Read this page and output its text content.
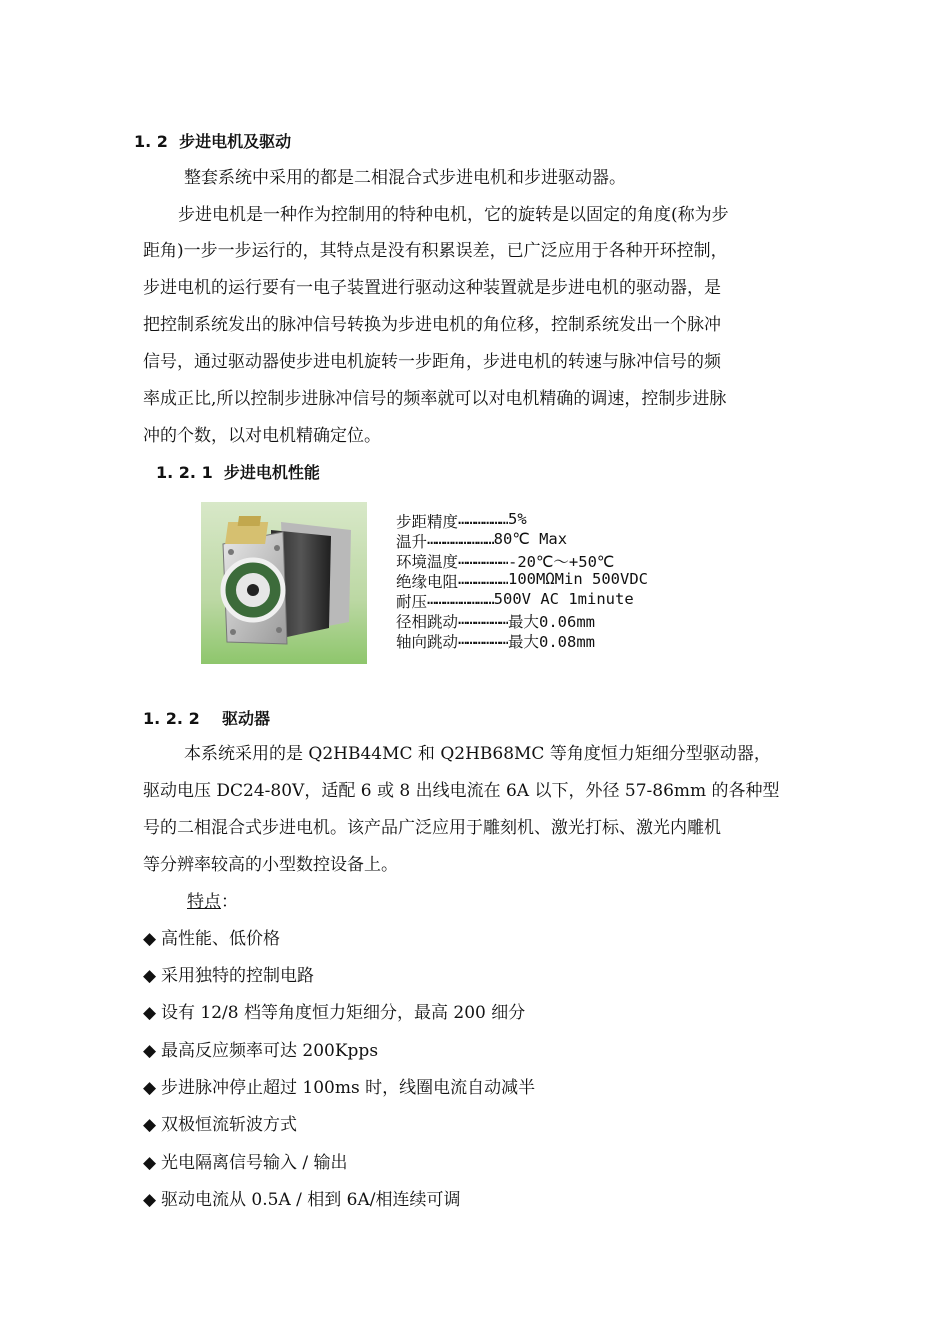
1. 2 步进电机及驱动
整套系统中采用的都是二相混合式步进电机和步进驱动器。
步进电机是一种作为控制用的特种电机，它的旋转是以固定的角度(称为步
距角)一步一步运行的，其特点是没有积累误差，已广泛应用于各种开环控制，
步进电机的运行要有一电子装置进行驱动这种装置就是步进电机的驱动器，是
把控制系统发出的脉冲信号转换为步进电机的角位移，控制系统发出一个脉冲
信号，通过驱动器使步进电机旋转一步距角，步进电机的转速与脉冲信号的频
率成正比,所以控制步进脉冲信号的频率就可以对电机精确的调速，控制步进脉
冲的个数，以对电机精确定位。
1. 2. 1 步进电机性能
步距精度 ……………… 5%
温升 …………………… 80℃ Max
环境温度 ……………… -20℃～+50℃
绝缘电阻 ……………… 100MΩMin 500VDC
耐压 …………………… 500V AC 1minute
径相跳动 ……………… 最大0.06mm
轴向跳动 ……………… 最大0.08mm
1. 2. 2 驱动器
本系统采用的是 Q2HB44MC 和 Q2HB68MC 等角度恒力矩细分型驱动器，
驱动电压 DC24-80V，适配 6 或 8 出线电流在 6A 以下，外径 57-86mm 的各种型
号的二相混合式步进电机。该产品广泛应用于雕刻机、激光打标、激光内雕机
等分辨率较高的小型数控设备上。
特点：
◆ 高性能、低价格
◆ 采用独特的控制电路
◆ 设有 12/8 档等角度恒力矩细分，最高 200 细分
◆ 最高反应频率可达 200Kpps
◆ 步进脉冲停止超过 100ms 时，线圈电流自动减半
◆ 双极恒流斩波方式
◆ 光电隔离信号输入 / 输出
◆ 驱动电流从 0.5A / 相到 6A/相连续可调
